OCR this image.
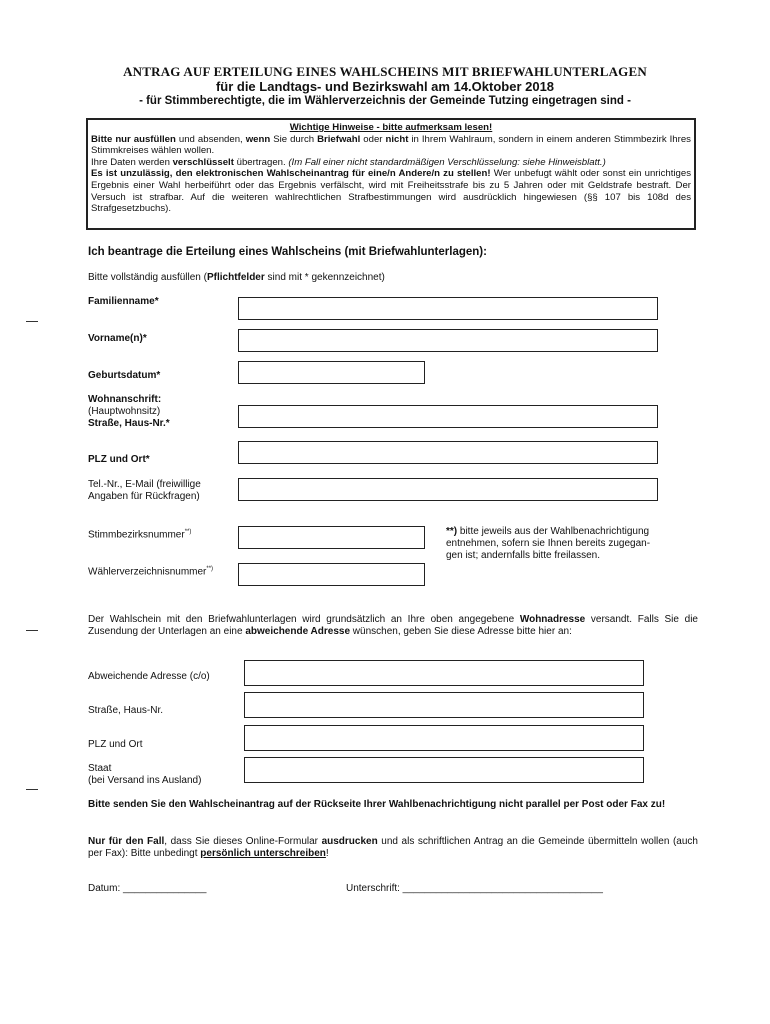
ANTRAG AUF ERTEILUNG EINES WAHLSCHEINS MIT BRIEFWAHLUNTERLAGEN
für die Landtags- und Bezirkswahl am 14.Oktober 2018
- für Stimmberechtigte, die im Wählerverzeichnis der Gemeinde Tutzing eingetragen sind -
Wichtige Hinweise - bitte aufmerksam lesen!

Bitte nur ausfüllen und absenden, wenn Sie durch Briefwahl oder nicht in Ihrem Wahlraum, sondern in einem anderen Stimmbezirk Ihres Stimmkreises wählen wollen.

Ihre Daten werden verschlüsselt übertragen. (Im Fall einer nicht standardmäßigen Verschlüsselung: siehe Hinweisblatt.)

Es ist unzulässig, den elektronischen Wahlscheinantrag für eine/n Andere/n zu stellen! Wer unbefugt wählt oder sonst ein unrichtiges Ergebnis einer Wahl herbeiführt oder das Ergebnis verfälscht, wird mit Freiheitsstrafe bis zu 5 Jahren oder mit Geldstrafe bestraft. Der Versuch ist strafbar. Auf die weiteren wahlrechtlichen Strafbestimmungen wird ausdrücklich hingewiesen (§§ 107 bis 108d des Strafgesetzbuchs).

Ich beantrage die Erteilung eines Wahlscheins (mit Briefwahlunterlagen):
Bitte vollständig ausfüllen (Pflichtfelder sind mit * gekennzeichnet)
Familienname*
Vorname(n)*
Geburtsdatum*
Wohnanschrift:
(Hauptwohnsitz)
Straße, Haus-Nr.*
PLZ und Ort*
Tel.-Nr., E-Mail (freiwillige
Angaben für Rückfragen)
Stimmbezirksnummer**)
Wählerverzeichnisnummer**)
**) bitte jeweils aus der Wahlbenachrichtigung
entnehmen, sofern sie Ihnen bereits zugegan-
gen ist; andernfalls bitte freilassen.
Der Wahlschein mit den Briefwahlunterlagen wird grundsätzlich an Ihre oben angegebene Wohnadresse versandt. Falls Sie die Zusendung der Unterlagen an eine abweichende Adresse wünschen, geben Sie diese Adresse bitte hier an:
Abweichende Adresse (c/o)
Straße, Haus-Nr.
PLZ und Ort
Staat
(bei Versand ins Ausland)
Bitte senden Sie den Wahlscheinantrag auf der Rückseite Ihrer Wahlbenachrichtigung nicht parallel per Post oder Fax zu!
Nur für den Fall, dass Sie dieses Online-Formular ausdrucken und als schriftlichen Antrag an die Gemeinde übermitteln wollen (auch per Fax): Bitte unbedingt persönlich unterschreiben!
Datum: _______________	Unterschrift: ____________________________________
